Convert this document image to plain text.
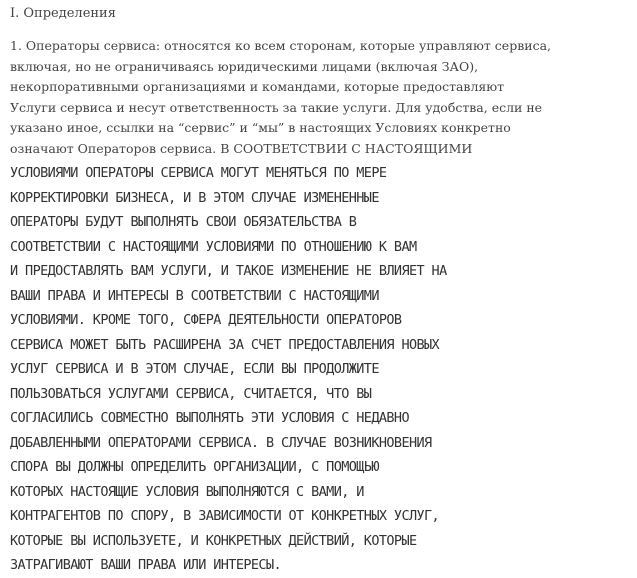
I. Определения
1. Операторы сервиса: относятся ко всем сторонам, которые управляют сервиса,
включая, но не ограничиваясь юридическими лицами (включая ЗАО),
некорпоративными организациями и командами, которые предоставляют
Услуги сервиса и несут ответственность за такие услуги. Для удобства, если не
указано иное, ссылки на “сервис” и “мы” в настоящих Условиях конкретно
означают Операторов сервиса. В СООТВЕТСТВИИ С НАСТОЯЩИМИ
УСЛОВИЯМИ ОПЕРАТОРЫ СЕРВИСА МОГУТ МЕНЯТЬСЯ ПО МЕРЕ
КОРРЕКТИРОВКИ БИЗНЕСА, И В ЭТОМ СЛУЧАЕ ИЗМЕНЕННЫЕ
ОПЕРАТОРЫ БУДУТ ВЫПОЛНЯТЬ СВОИ ОБЯЗАТЕЛЬСТВА В
СООТВЕТСТВИИ С НАСТОЯЩИМИ УСЛОВИЯМИ ПО ОТНОШЕНИЮ К ВАМ
И ПРЕДОСТАВЛЯТЬ ВАМ УСЛУГИ, И ТАКОЕ ИЗМЕНЕНИЕ НЕ ВЛИЯЕТ НА
ВАШИ ПРАВА И ИНТЕРЕСЫ В СООТВЕТСТВИИ С НАСТОЯЩИМИ
УСЛОВИЯМИ. КРОМЕ ТОГО, СФЕРА ДЕЯТЕЛЬНОСТИ ОПЕРАТОРОВ
СЕРВИСА МОЖЕТ БЫТЬ РАСШИРЕНА ЗА СЧЕТ ПРЕДОСТАВЛЕНИЯ НОВЫХ
УСЛУГ СЕРВИСА И В ЭТОМ СЛУЧАЕ, ЕСЛИ ВЫ ПРОДОЛЖИТЕ
ПОЛЬЗОВАТЬСЯ УСЛУГАМИ СЕРВИСА, СЧИТАЕТСЯ, ЧТО ВЫ
СОГЛАСИЛИСЬ СОВМЕСТНО ВЫПОЛНЯТЬ ЭТИ УСЛОВИЯ С НЕДАВНО
ДОБАВЛЕННЫМИ ОПЕРАТОРАМИ СЕРВИСА. В СЛУЧАЕ ВОЗНИКНОВЕНИЯ
СПОРА ВЫ ДОЛЖНЫ ОПРЕДЕЛИТЬ ОРГАНИЗАЦИИ, С ПОМОЩЬЮ
КОТОРЫХ НАСТОЯЩИЕ УСЛОВИЯ ВЫПОЛНЯЮТСЯ С ВАМИ, И
КОНТРАГЕНТОВ ПО СПОРУ, В ЗАВИСИМОСТИ ОТ КОНКРЕТНЫХ УСЛУГ,
КОТОРЫЕ ВЫ ИСПОЛЬЗУЕТЕ, И КОНКРЕТНЫХ ДЕЙСТВИЙ, КОТОРЫЕ
ЗАТРАГИВАЮТ ВАШИ ПРАВА ИЛИ ИНТЕРЕСЫ.
